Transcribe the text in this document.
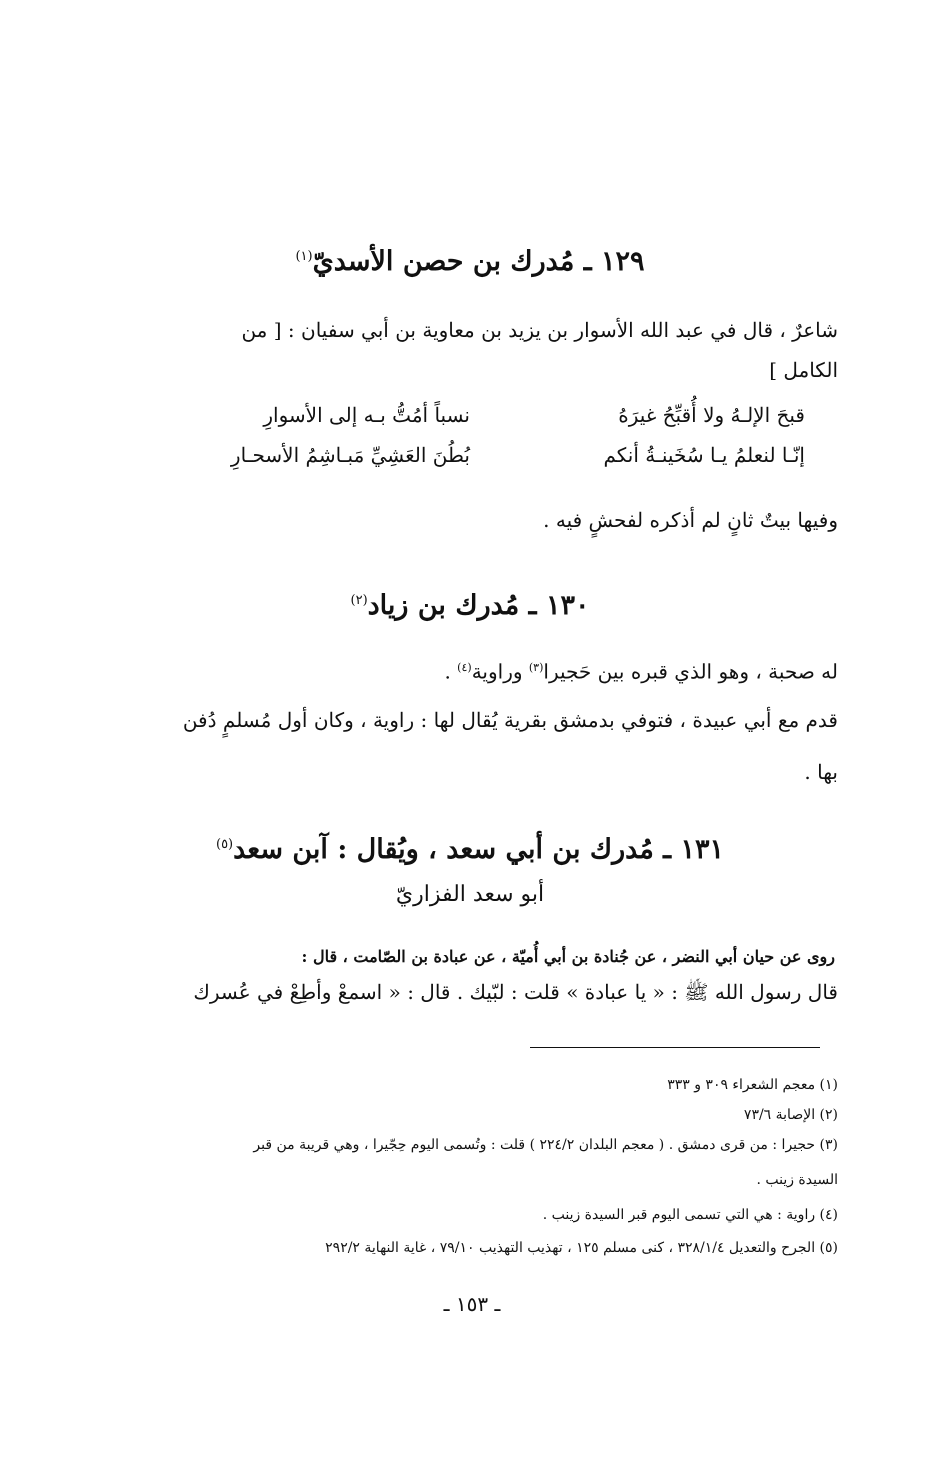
١٢٩ ـ مُدرك بن حصن الأسديّ$^{(١)}$
شاعرٌ ، قال في عبد الله الأسوار بن يزيد بن معاوية بن أبي سفيان : [ من
الكامل ]
قبحَ الإلـهُ ولا أُقبِّحُ غيرَهُ
نسباً أمُتُّ بـه إلى الأسوارِ
إنّـا لنعلمُ يـا سُخَينـةُ أنكم
بُطُنَ العَشِيِّ مَبـاشِمُ الأسحـارِ
وفيها بيتٌ ثانٍ لم أذكره لفحشٍ فيه .
١٣٠ ـ مُدرك بن زياد$^{(٢)}$
له صحبة ، وهو الذي قبره بين حَجيرا$^{(٣)}$ وراوية$^{(٤)}$ .
قدم مع أبي عبيدة ، فتوفي بدمشق بقرية يُقال لها : راوية ، وكان أول مُسلمٍ دُفن
بها .
١٣١ ـ مُدرك بن أبي سعد ، ويُقال : آبن سعد$^{(٥)}$
أبو سعد الفزاريّ
روى عن حيان أبي النضر ، عن جُنادة بن أبي أُميّة ، عن عبادة بن الصّامت ، قال :
قال رسول الله ﷺ : « يا عبادة » قلت : لبّيك . قال : « اسمعْ وأطِعْ في عُسرك
(١) معجم الشعراء ٣٠٩ و ٣٣٣
(٢) الإصابة ٧٣/٦
(٣) حجيرا : من قرى دمشق . ( معجم البلدان ٢٢٤/٢ ) قلت : وتُسمى اليوم حِجّيرا ، وهي قريبة من قبر
السيدة زينب .
(٤) راوية : هي التي تسمى اليوم قبر السيدة زينب .
(٥) الجرح والتعديل ٣٢٨/١/٤ ، كنى مسلم ١٢٥ ، تهذيب التهذيب ٧٩/١٠ ، غاية النهاية ٢٩٢/٢
ـ ١٥٣ ـ
